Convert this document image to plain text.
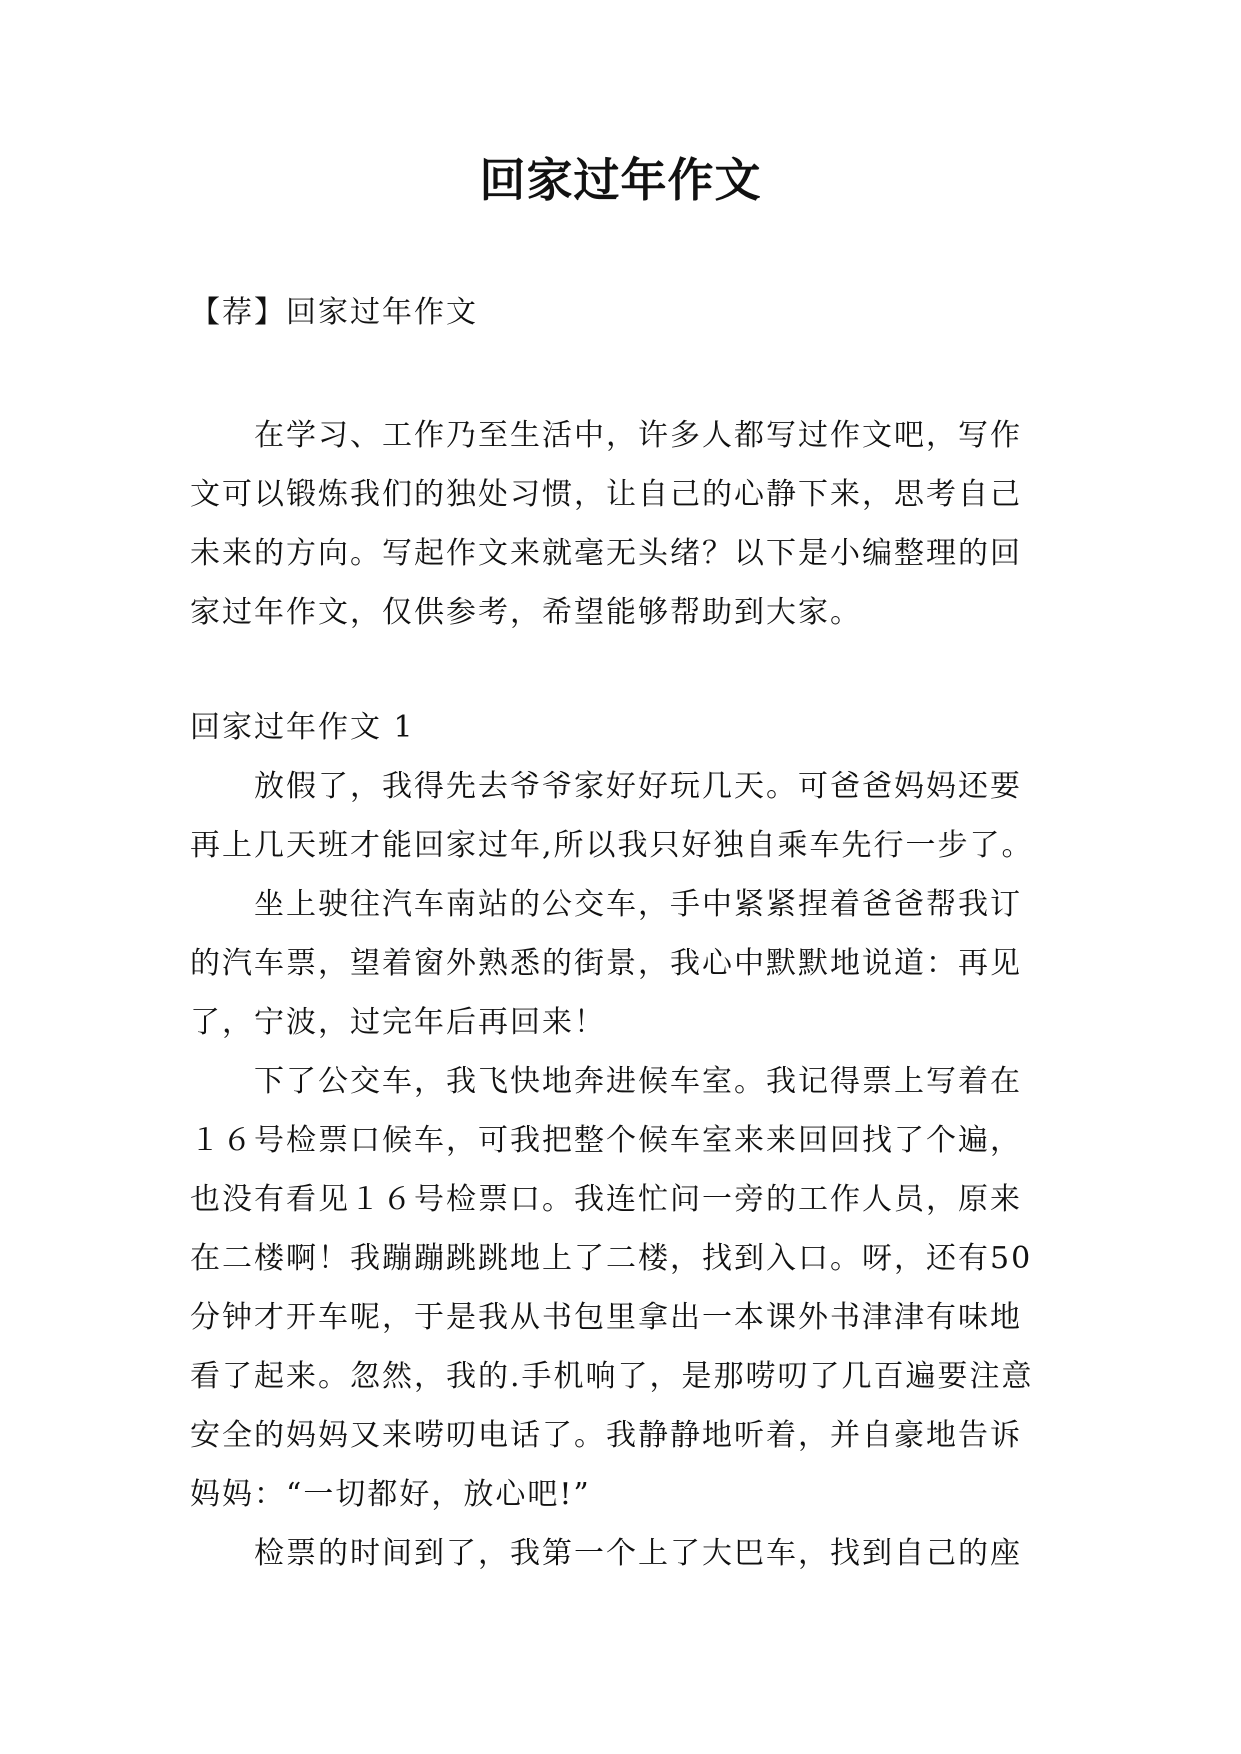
回家过年作文
【荐】回家过年作文

在学习、工作乃至生活中，许多人都写过作文吧，写作文可以锻炼我们的独处习惯，让自己的心静下来，思考自己未来的方向。写起作文来就毫无头绪？以下是小编整理的回家过年作文，仅供参考，希望能够帮助到大家。

回家过年作文 1

放假了，我得先去爷爷家好好玩几天。可爸爸妈妈还要再上几天班才能回家过年,所以我只好独自乘车先行一步了。

坐上驶往汽车南站的公交车，手中紧紧捏着爸爸帮我订的汽车票，望着窗外熟悉的街景，我心中默默地说道：再见了，宁波，过完年后再回来！

下了公交车，我飞快地奔进候车室。我记得票上写着在１６号检票口候车，可我把整个候车室来来回回找了个遍，也没有看见１６号检票口。我连忙问一旁的工作人员，原来在二楼啊！我蹦蹦跳跳地上了二楼，找到入口。呀，还有50分钟才开车呢，于是我从书包里拿出一本课外书津津有味地看了起来。忽然，我的.手机响了，是那唠叨了几百遍要注意安全的妈妈又来唠叨电话了。我静静地听着，并自豪地告诉妈妈：“一切都好，放心吧!”

检票的时间到了，我第一个上了大巴车，找到自己的座
